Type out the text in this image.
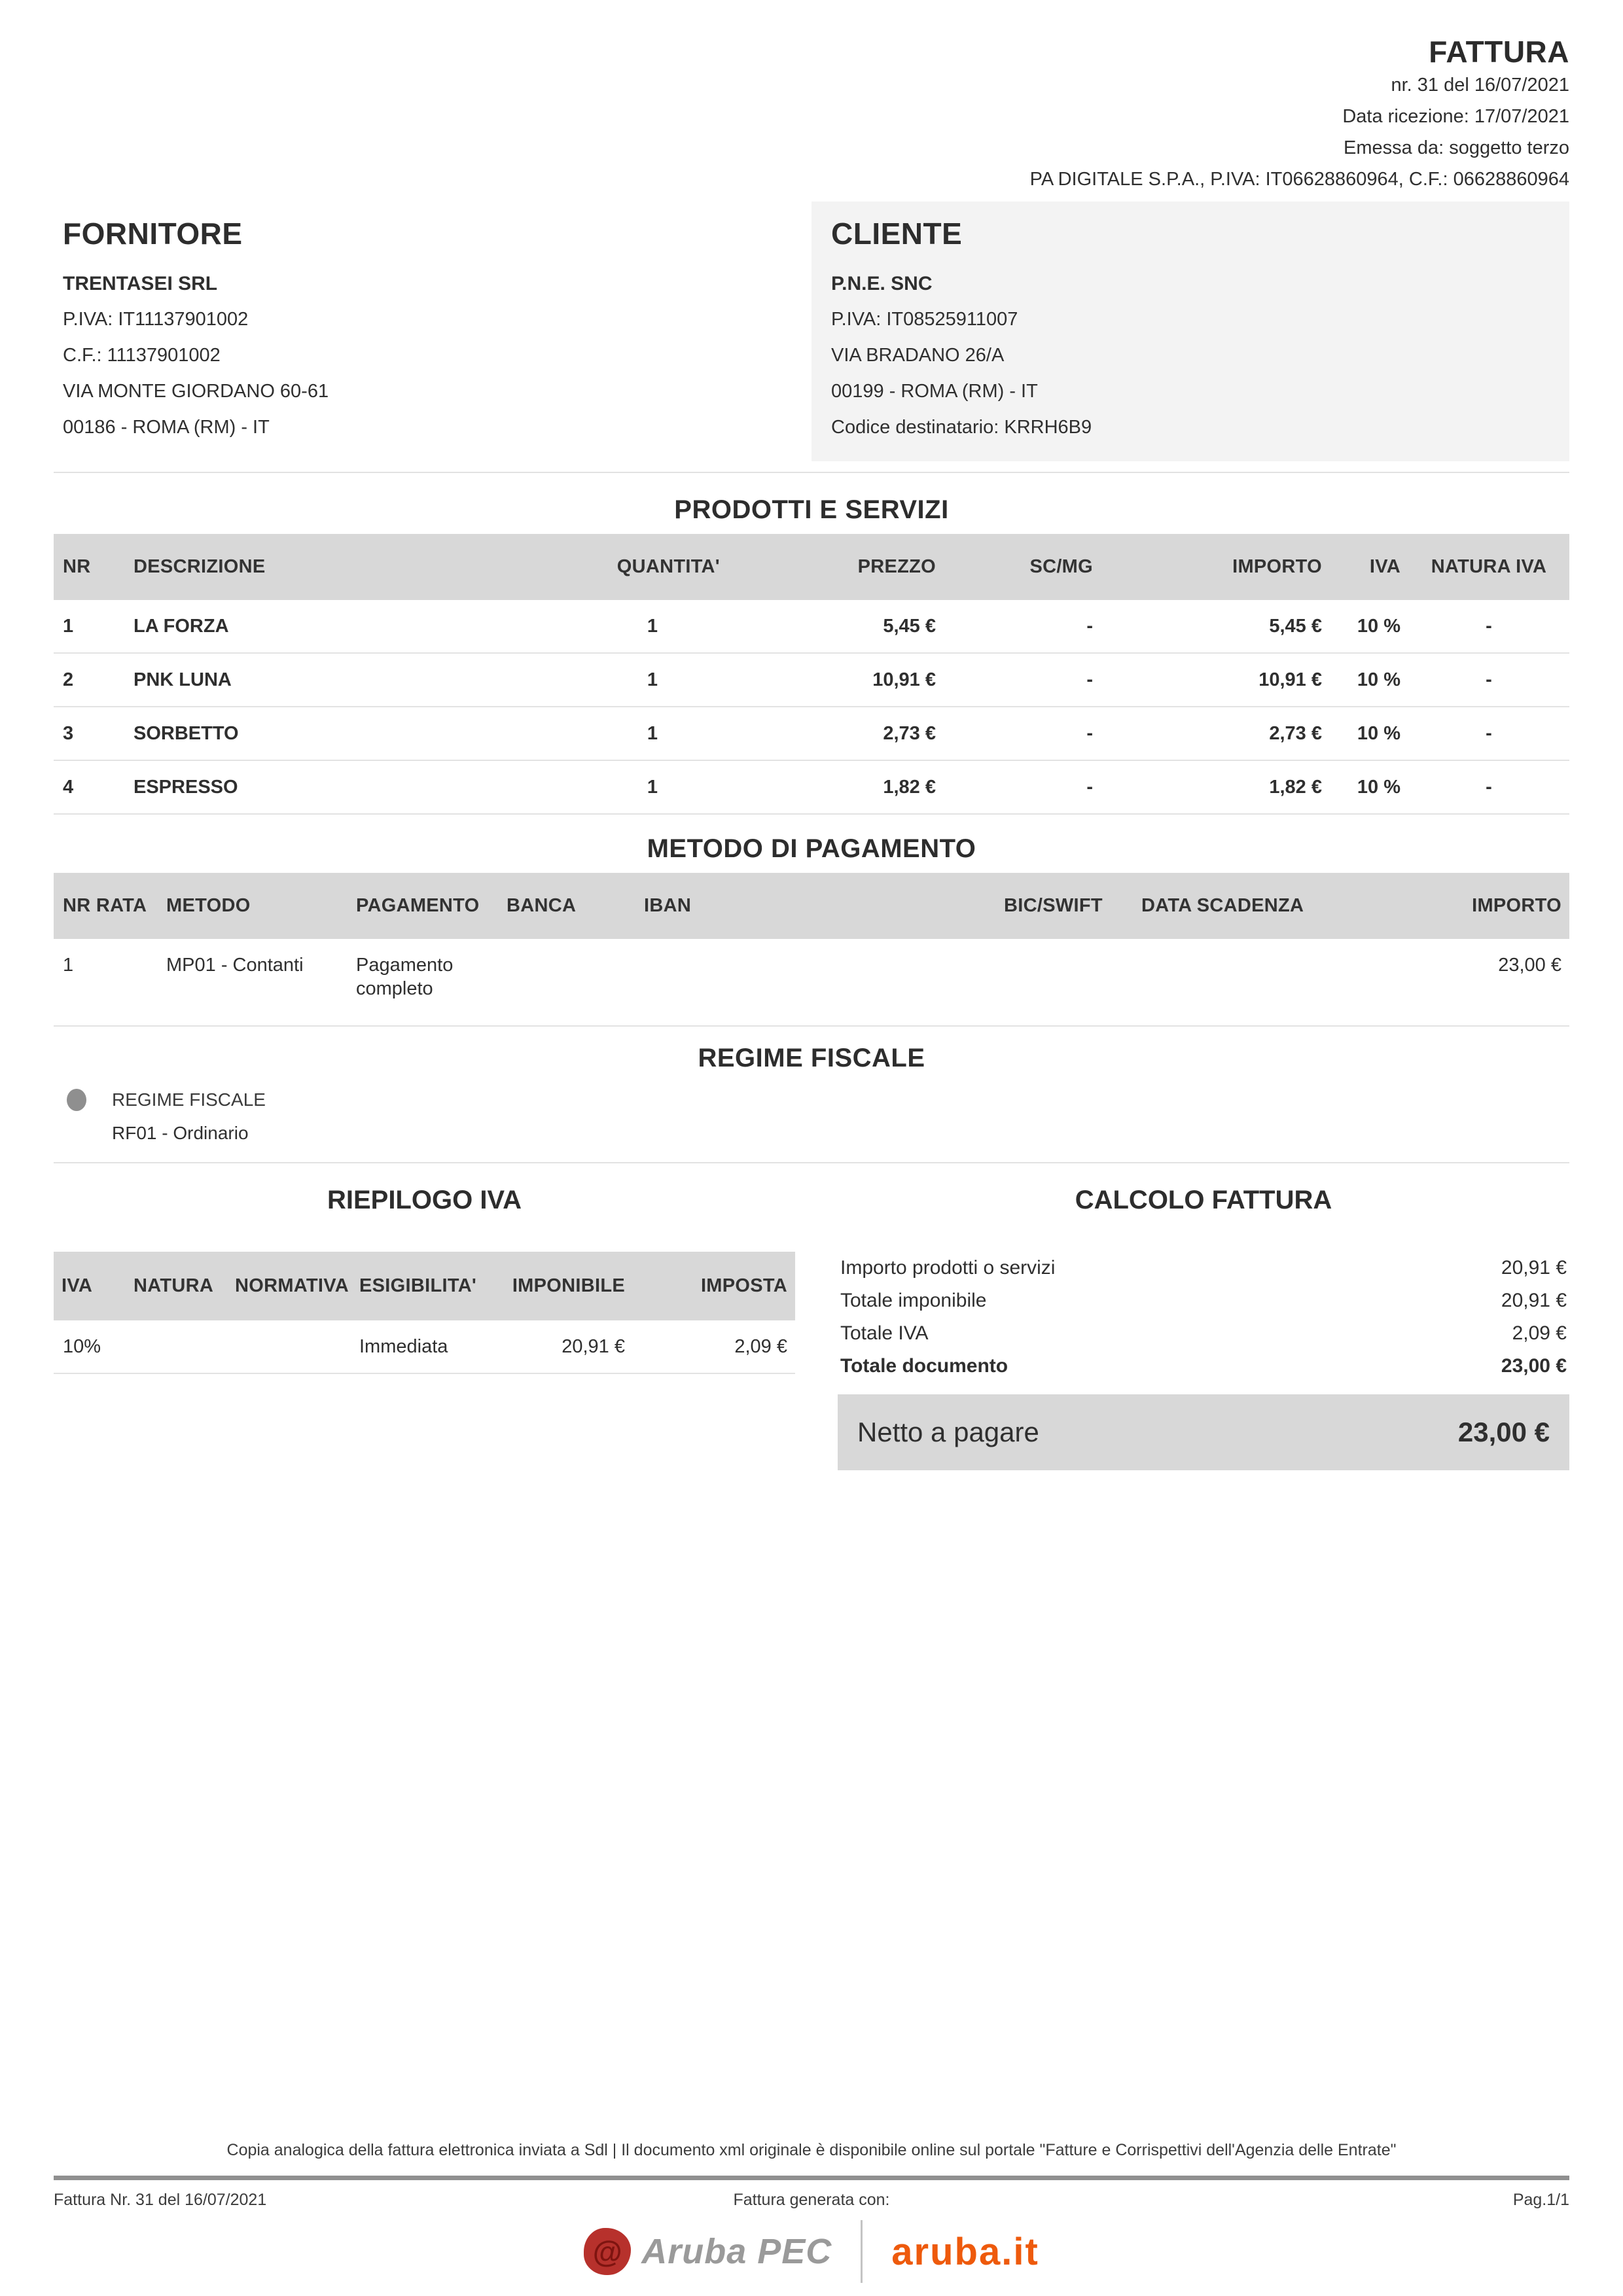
FATTURA
nr. 31 del 16/07/2021
Data ricezione: 17/07/2021
Emessa da: soggetto terzo
PA DIGITALE S.P.A., P.IVA: IT06628860964, C.F.: 06628860964
FORNITORE
TRENTASEI SRL
P.IVA: IT11137901002
C.F.: 11137901002
VIA MONTE GIORDANO 60-61
00186 - ROMA (RM) - IT
CLIENTE
P.N.E. SNC
P.IVA: IT08525911007
VIA BRADANO 26/A
00199 - ROMA (RM) - IT
Codice destinatario: KRRH6B9
PRODOTTI E SERVIZI
NR	DESCRIZIONE	QUANTITA'	PREZZO	SC/MG	IMPORTO	IVA	NATURA IVA
1	LA FORZA	1	5,45 €	-	5,45 €	10 %	-
2	PNK LUNA	1	10,91 €	-	10,91 €	10 %	-
3	SORBETTO	1	2,73 €	-	2,73 €	10 %	-
4	ESPRESSO	1	1,82 €	-	1,82 €	10 %	-
METODO DI PAGAMENTO
NR RATA	METODO	PAGAMENTO	BANCA	IBAN	BIC/SWIFT	DATA SCADENZA	IMPORTO
1	MP01 - Contanti	Pagamento completo					23,00 €
REGIME FISCALE
REGIME FISCALE
RF01 - Ordinario
RIEPILOGO IVA
IVA	NATURA	NORMATIVA	ESIGIBILITA'	IMPONIBILE	IMPOSTA
10%			Immediata	20,91 €	2,09 €
CALCOLO FATTURA
Importo prodotti o servizi	20,91 €
Totale imponibile	20,91 €
Totale IVA	2,09 €
Totale documento	23,00 €
Netto a pagare	23,00 €
Copia analogica della fattura elettronica inviata a Sdl | Il documento xml originale è disponibile online sul portale "Fatture e Corrispettivi dell'Agenzia delle Entrate"
Fattura Nr. 31 del 16/07/2021	Fattura generata con:	Pag.1/1
@ Aruba PEC aruba.it
